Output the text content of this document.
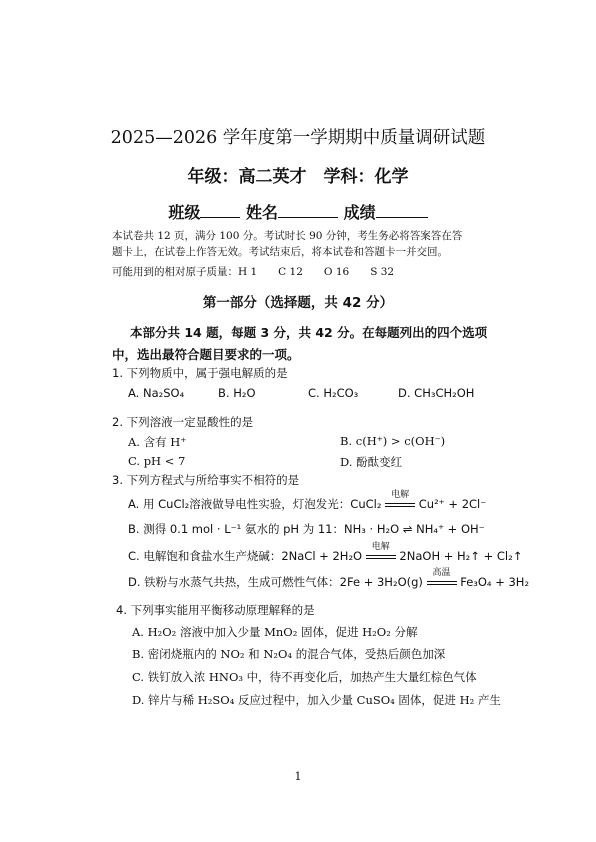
2025—2026 学年度第一学期期中质量调研试题
年级：高二英才　学科：化学
班级	姓名	成绩
本试卷共 12 页，满分 100 分。考试时长 90 分钟，考生务必将答案答在答
题卡上，在试卷上作答无效。考试结束后，将本试卷和答题卡一并交回。
可能用到的相对原子质量：H 1　　C 12　　O 16　　S 32
第一部分（选择题，共 42 分）
本部分共 14 题，每题 3 分，共 42 分。在每题列出的四个选项
中，选出最符合题目要求的一项。
1. 下列物质中，属于强电解质的是
A. Na₂SO₄	B. H₂O	C. H₂CO₃	D. CH₃CH₂OH
2. 下列溶液一定显酸性的是
A. 含有 H⁺	B. c(H⁺) > c(OH⁻)
C. pH < 7	D. 酚酞变红
3. 下列方程式与所给事实不相符的是
A. 用 CuCl₂溶液做导电性实验，灯泡发光：CuCl₂
电解
Cu²⁺ + 2Cl⁻
B. 测得 0.1 mol · L⁻¹ 氨水的 pH 为 11：NH₃ · H₂O ⇌ NH₄⁺ + OH⁻
C. 电解饱和食盐水生产烧碱：2NaCl + 2H₂O
电解
2NaOH + H₂↑ + Cl₂↑
D. 铁粉与水蒸气共热，生成可燃性气体：2Fe + 3H₂O(g)
高温
Fe₃O₄ + 3H₂
4. 下列事实能用平衡移动原理解释的是
A. H₂O₂ 溶液中加入少量 MnO₂ 固体，促进 H₂O₂ 分解
B. 密闭烧瓶内的 NO₂ 和 N₂O₄ 的混合气体，受热后颜色加深
C. 铁钉放入浓 HNO₃ 中，待不再变化后，加热产生大量红棕色气体
D. 锌片与稀 H₂SO₄ 反应过程中，加入少量 CuSO₄ 固体，促进 H₂ 产生
1
